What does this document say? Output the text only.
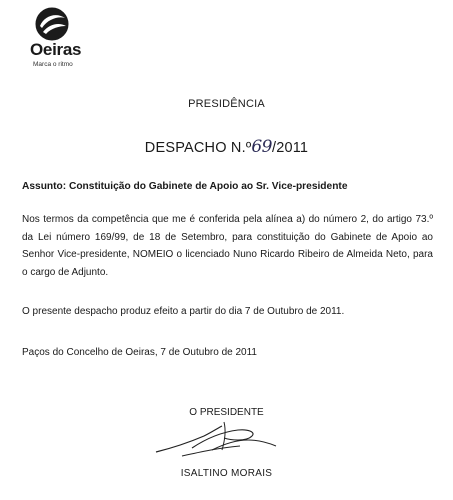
Oeiras
Marca o ritmo
PRESIDÊNCIA
DESPACHO N.º69/2011
Assunto: Constituição do Gabinete de Apoio ao Sr. Vice-presidente
Nos termos da competência que me é conferida pela alínea a) do número 2, do artigo 73.º da Lei número 169/99, de 18 de Setembro, para constituição do Gabinete de Apoio ao Senhor Vice-presidente, NOMEIO o licenciado Nuno Ricardo Ribeiro de Almeida Neto, para o cargo de Adjunto.
O presente despacho produz efeito a partir do dia 7 de Outubro de 2011.
Paços do Concelho de Oeiras, 7 de Outubro de 2011
O PRESIDENTE
ISALTINO MORAIS
